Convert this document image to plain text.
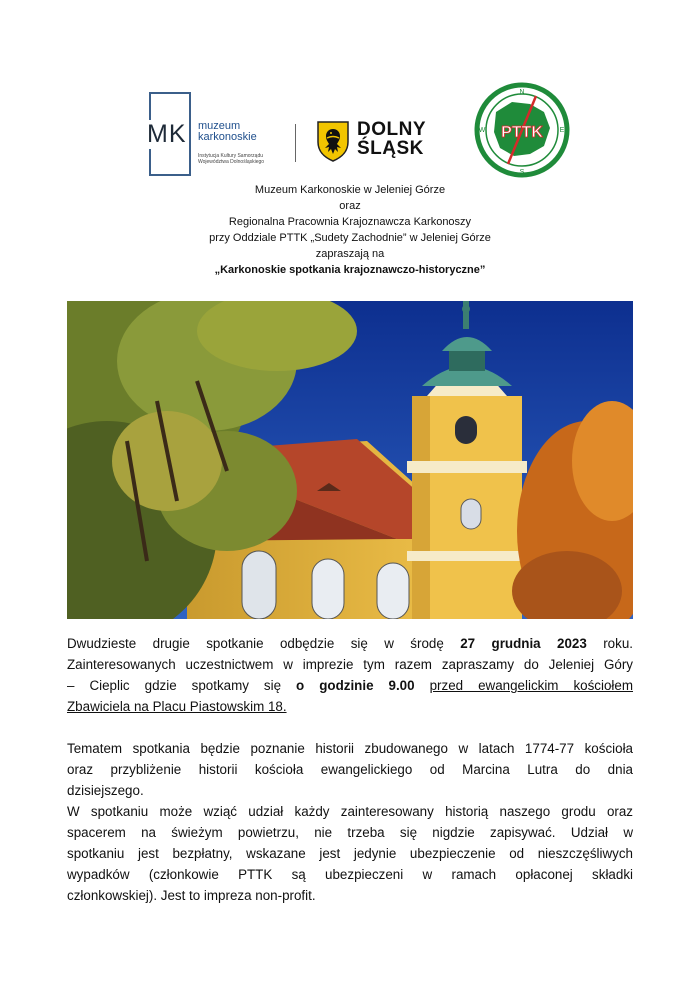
MK muzeum
karkonoskie
Instytucja Kultury Samorządu
Województwa Dolnośląskiego
DOLNY
ŚLĄSK
PTTK
N
E
S
W
Muzeum Karkonoskie w Jeleniej Górze
oraz
Regionalna Pracownia Krajoznawcza Karkonoszy
przy Oddziale PTTK „Sudety Zachodnie” w Jeleniej Górze
zapraszają na
„Karkonoskie spotkania krajoznawczo-historyczne”
Dwudzieste drugie spotkanie odbędzie się w środę 27 grudnia 2023 roku.
Zainteresowanych uczestnictwem w imprezie tym razem zapraszamy do Jeleniej Góry
– Cieplic gdzie spotkamy się o godzinie 9.00 przed ewangelickim kościołem
Zbawiciela na Placu Piastowskim 18.
Tematem spotkania będzie poznanie historii zbudowanego w latach 1774-77 kościoła
oraz przybliżenie historii kościoła ewangelickiego od Marcina Lutra do dnia
dzisiejszego.
W spotkaniu może wziąć udział każdy zainteresowany historią naszego grodu oraz
spacerem na świeżym powietrzu, nie trzeba się nigdzie zapisywać. Udział w
spotkaniu jest bezpłatny, wskazane jest jedynie ubezpieczenie od nieszczęśliwych
wypadków (członkowie PTTK są ubezpieczeni w ramach opłaconej składki
członkowskiej). Jest to impreza non-profit.
